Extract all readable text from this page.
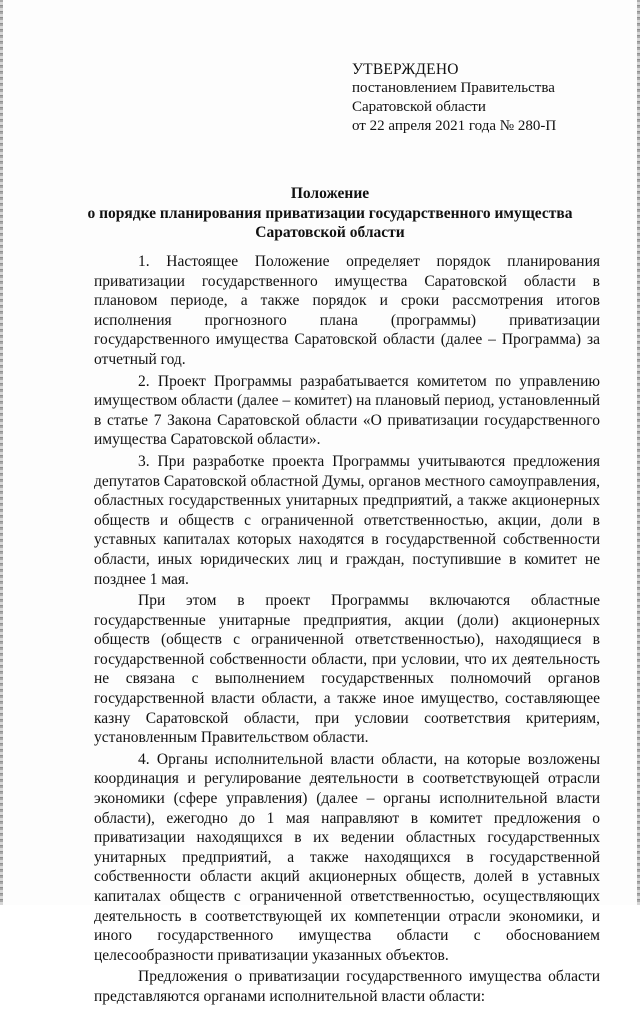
УТВЕРЖДЕНО
постановлением Правительства
Саратовской области
от 22 апреля 2021 года № 280-П
Положение
о порядке планирования приватизации государственного имущества
Саратовской области

1. Настоящее Положение определяет порядок планирования приватизации государственного имущества Саратовской области в плановом периоде, а также порядок и сроки рассмотрения итогов исполнения прогнозного плана (программы) приватизации государственного имущества Саратовской области (далее – Программа) за отчетный год.

2. Проект Программы разрабатывается комитетом по управлению имуществом области (далее – комитет) на плановый период, установленный в статье 7 Закона Саратовской области «О приватизации государственного имущества Саратовской области».

3. При разработке проекта Программы учитываются предложения депутатов Саратовской областной Думы, органов местного самоуправления, областных государственных унитарных предприятий, а также акционерных обществ и обществ с ограниченной ответственностью, акции, доли в уставных капиталах которых находятся в государственной собственности области, иных юридических лиц и граждан, поступившие в комитет не позднее 1 мая.

При этом в проект Программы включаются областные государственные унитарные предприятия, акции (доли) акционерных обществ (обществ с ограниченной ответственностью), находящиеся в государственной собственности области, при условии, что их деятельность не связана с выполнением государственных полномочий органов государственной власти области, а также иное имущество, составляющее казну Саратовской области, при условии соответствия критериям, установленным Правительством области.

4. Органы исполнительной власти области, на которые возложены координация и регулирование деятельности в соответствующей отрасли экономики (сфере управления) (далее – органы исполнительной власти области), ежегодно до 1 мая направляют в комитет предложения о приватизации находящихся в их ведении областных государственных унитарных предприятий, а также находящихся в государственной собственности области акций акционерных обществ, долей в уставных капиталах обществ с ограниченной ответственностью, осуществляющих деятельность в соответствующей их компетенции отрасли экономики, и иного государственного имущества области с обоснованием целесообразности приватизации указанных объектов.

Предложения о приватизации государственного имущества области представляются органами исполнительной власти области:
